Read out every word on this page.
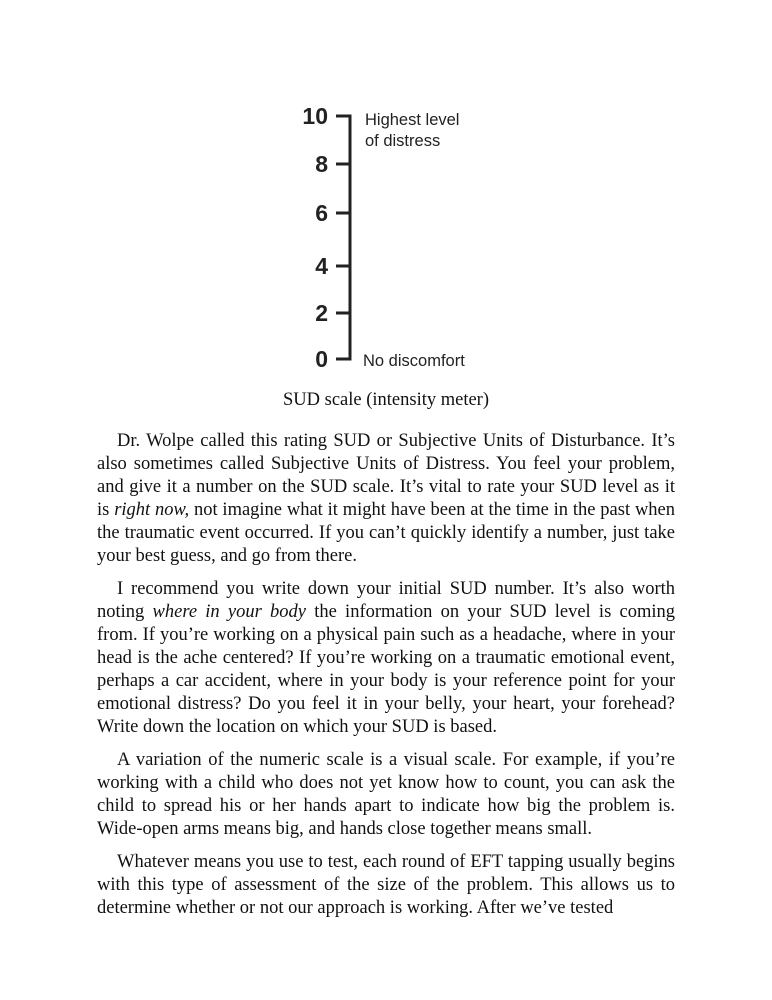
10
8
6
4
2
0
Highest level
of distress
No discomfort
SUD scale (intensity meter)

Dr. Wolpe called this rating SUD or Subjective Units of Disturbance. It’s also sometimes called Subjective Units of Distress. You feel your problem, and give it a number on the SUD scale. It’s vital to rate your SUD level as it is right now, not imagine what it might have been at the time in the past when the traumatic event occurred. If you can’t quickly identify a number, just take your best guess, and go from there.

I recommend you write down your initial SUD number. It’s also worth noting where in your body the information on your SUD level is coming from. If you’re working on a physical pain such as a headache, where in your head is the ache centered? If you’re working on a traumatic emotional event, perhaps a car accident, where in your body is your reference point for your emotional distress? Do you feel it in your belly, your heart, your forehead? Write down the location on which your SUD is based.

A variation of the numeric scale is a visual scale. For example, if you’re working with a child who does not yet know how to count, you can ask the child to spread his or her hands apart to indicate how big the problem is. Wide-open arms means big, and hands close together means small.

Whatever means you use to test, each round of EFT tapping usually begins with this type of assessment of the size of the problem. This allows us to determine whether or not our approach is working. After we’ve tested
